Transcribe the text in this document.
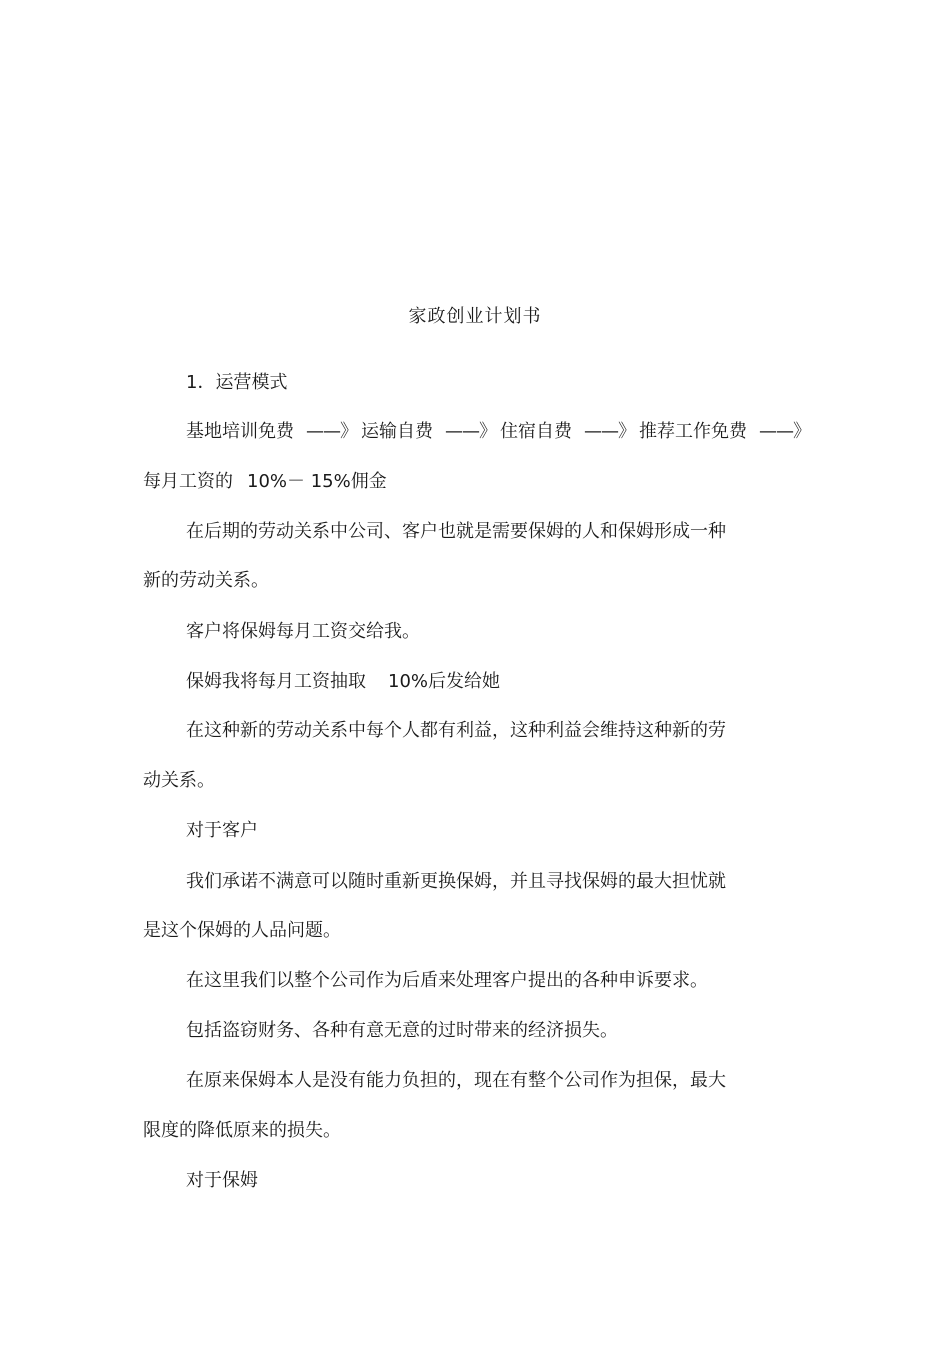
家政创业计划书
1．运营模式
基地培训免费 ——》 运输自费 ——》 住宿自费 ——》 推荐工作免费 ——》
每月工资的 10%－ 15%佣金
在后期的劳动关系中公司、客户也就是需要保姆的人和保姆形成一种
新的劳动关系。
客户将保姆每月工资交给我。
保姆我将每月工资抽取 10%后发给她
在这种新的劳动关系中每个人都有利益，这种利益会维持这种新的劳
动关系。
对于客户
我们承诺不满意可以随时重新更换保姆，并且寻找保姆的最大担忧就
是这个保姆的人品问题。
在这里我们以整个公司作为后盾来处理客户提出的各种申诉要求。
包括盗窃财务、各种有意无意的过时带来的经济损失。
在原来保姆本人是没有能力负担的，现在有整个公司作为担保，最大
限度的降低原来的损失。
对于保姆
